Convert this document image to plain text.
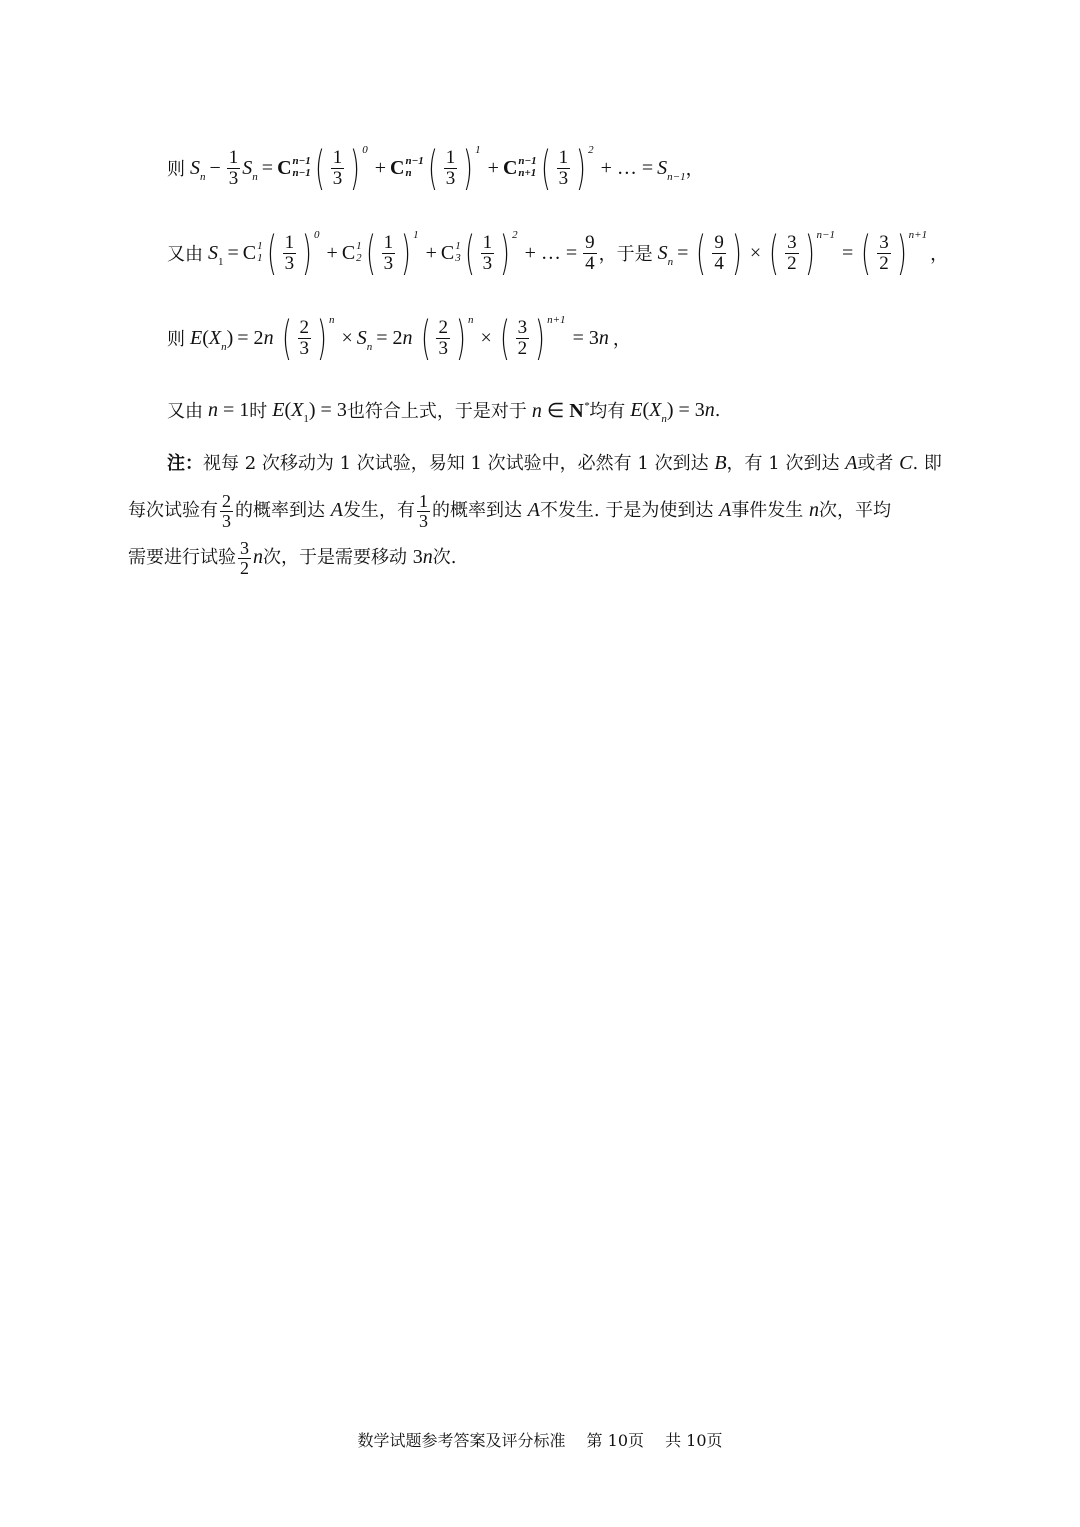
则 $S_n - \frac{1}{3} S_n = C$ n−1
n−1 ( $\frac{1}{3}$ ) 0
+ C n−1
n ( $\frac{1}{3}$ ) 1
+ C n−1
n+1 ( $\frac{1}{3}$ ) 2
+ … = $S_{n-1}$ ，
又由 $S_1 = C$ 1
1 ( $\frac{1}{3}$ ) 0
+ C 1
2 ( $\frac{1}{3}$ ) 1
+ C 1
3 ( $\frac{1}{3}$ ) 2
+ … = $\frac{9}{4}$ ，于是 $S_n$ = ( $\frac{9}{4}$ ) × ( $\frac{3}{2}$ ) n−1
= ( $\frac{3}{2}$ ) n+1
，
则 E ( $X_n$ ) = 2n ( $\frac{2}{3}$ ) n
× $S_n = 2n$ ( $\frac{2}{3}$ ) n
× ( $\frac{3}{2}$ ) n+1
= 3n ，
又由 n = 1 时 $E(X_1) = 3$ 也符合上式，于是对于 n ∈ N* 均有 $E(X_n) = 3n$ .
注：视每 2 次移动为 1 次试验，易知 1 次试验中，必然有 1 次到达 B，有 1 次到达 A或者 C. 即
每次试验有 $\frac{2}{3}$ 的概率到达 A发生，有 $\frac{1}{3}$ 的概率到达 A不发生. 于是为使到达 A事件发生 n次，平均
需要进行试验 $\frac{3}{2}$ n次，于是需要移动 3n次.
数学试题参考答案及评分标准 第 10页 共 10页
